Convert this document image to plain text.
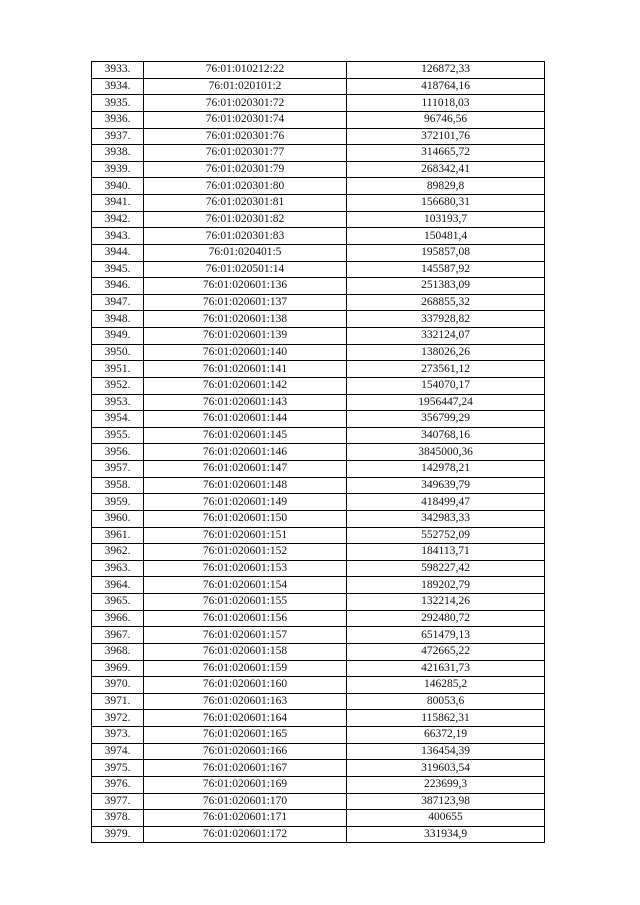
3933.	76:01:010212:22	126872,33
3934.	76:01:020101:2	418764,16
3935.	76:01:020301:72	111018,03
3936.	76:01:020301:74	96746,56
3937.	76:01:020301:76	372101,76
3938.	76:01:020301:77	314665,72
3939.	76:01:020301:79	268342,41
3940.	76:01:020301:80	89829,8
3941.	76:01:020301:81	156680,31
3942.	76:01:020301:82	103193,7
3943.	76:01:020301:83	150481,4
3944.	76:01:020401:5	195857,08
3945.	76:01:020501:14	145587,92
3946.	76:01:020601:136	251383,09
3947.	76:01:020601:137	268855,32
3948.	76:01:020601:138	337928,82
3949.	76:01:020601:139	332124,07
3950.	76:01:020601:140	138026,26
3951.	76:01:020601:141	273561,12
3952.	76:01:020601:142	154070,17
3953.	76:01:020601:143	1956447,24
3954.	76:01:020601:144	356799,29
3955.	76:01:020601:145	340768,16
3956.	76:01:020601:146	3845000,36
3957.	76:01:020601:147	142978,21
3958.	76:01:020601:148	349639,79
3959.	76:01:020601:149	418499,47
3960.	76:01:020601:150	342983,33
3961.	76:01:020601:151	552752,09
3962.	76:01:020601:152	184113,71
3963.	76:01:020601:153	598227,42
3964.	76:01:020601:154	189202,79
3965.	76:01:020601:155	132214,26
3966.	76:01:020601:156	292480,72
3967.	76:01:020601:157	651479,13
3968.	76:01:020601:158	472665,22
3969.	76:01:020601:159	421631,73
3970.	76:01:020601:160	146285,2
3971.	76:01:020601:163	80053,6
3972.	76:01:020601:164	115862,31
3973.	76:01:020601:165	66372,19
3974.	76:01:020601:166	136454,39
3975.	76:01:020601:167	319603,54
3976.	76:01:020601:169	223699,3
3977.	76:01:020601:170	387123,98
3978.	76:01:020601:171	400655
3979.	76:01:020601:172	331934,9
